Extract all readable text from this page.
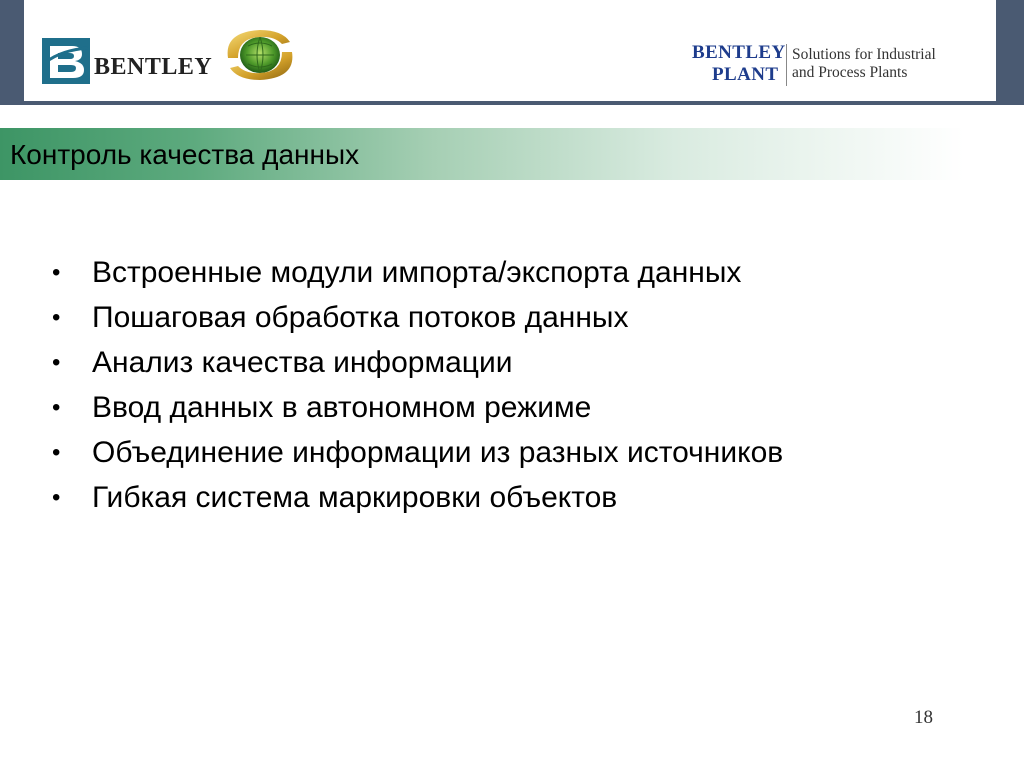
BENTLEY
BENTLEY
PLANT
Solutions for Industrial
and Process Plants
Контроль качества данных
•	Встроенные модули импорта/экспорта данных
•	Пошаговая обработка потоков данных
•	Анализ качества информации
•	Ввод данных в автономном режиме
•	Объединение информации из разных источников
•	Гибкая система маркировки объектов
18
